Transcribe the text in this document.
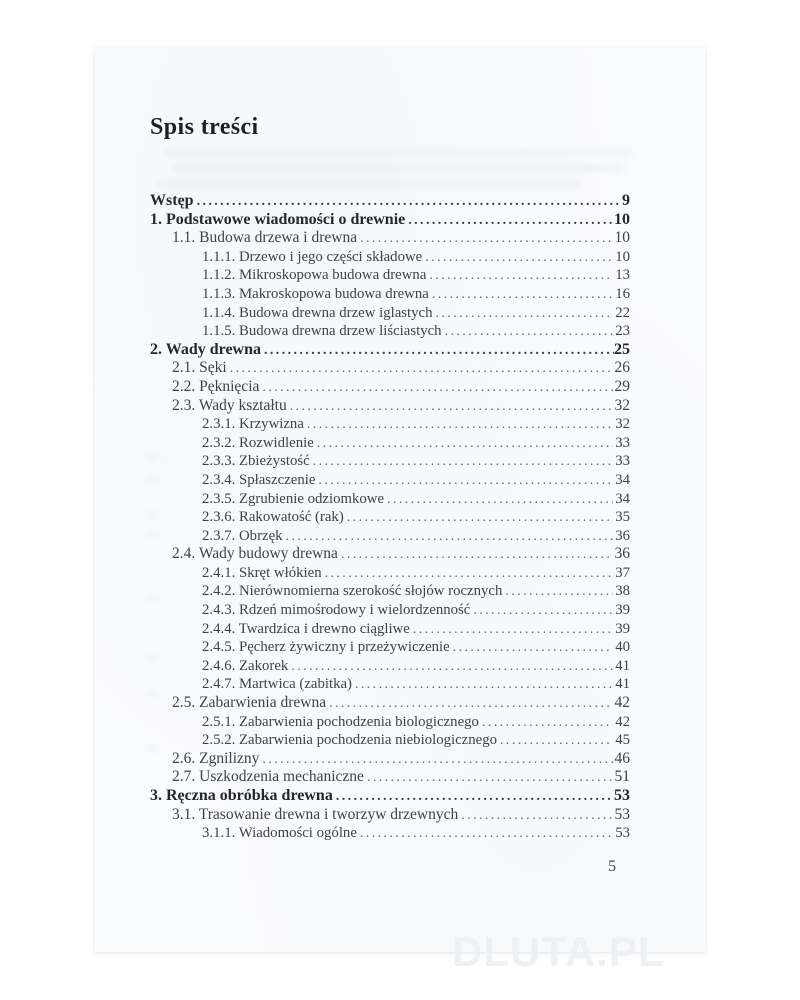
Spis treści
Wstęp .....	9
1. Podstawowe wiadomości o drewnie .....	10
1.1. Budowa drzewa i drewna .....	10
1.1.1. Drzewo i jego części składowe .....	10
1.1.2. Mikroskopowa budowa drewna .....	13
1.1.3. Makroskopowa budowa drewna .....	16
1.1.4. Budowa drewna drzew iglastych .....	22
1.1.5. Budowa drewna drzew liściastych .....	23
2. Wady drewna .....	25
2.1. Sęki .....	26
2.2. Pęknięcia .....	29
2.3. Wady kształtu .....	32
2.3.1. Krzywizna .....	32
2.3.2. Rozwidlenie .....	33
2.3.3. Zbieżystość .....	33
2.3.4. Spłaszczenie .....	34
2.3.5. Zgrubienie odziomkowe .....	34
2.3.6. Rakowatość (rak) .....	35
2.3.7. Obrzęk .....	36
2.4. Wady budowy drewna .....	36
2.4.1. Skręt włókien .....	37
2.4.2. Nierównomierna szerokość słojów rocznych .....	38
2.4.3. Rdzeń mimośrodowy i wielordzenność .....	39
2.4.4. Twardzica i drewno ciągliwe .....	39
2.4.5. Pęcherz żywiczny i przeżywiczenie .....	40
2.4.6. Zakorek .....	41
2.4.7. Martwica (zabitka) .....	41
2.5. Zabarwienia drewna .....	42
2.5.1. Zabarwienia pochodzenia biologicznego .....	42
2.5.2. Zabarwienia pochodzenia niebiologicznego .....	45
2.6. Zgnilizny .....	46
2.7. Uszkodzenia mechaniczne .....	51
3. Ręczna obróbka drewna .....	53
3.1. Trasowanie drewna i tworzyw drzewnych .....	53
3.1.1. Wiadomości ogólne .....	53
5
DLUTA.PL
